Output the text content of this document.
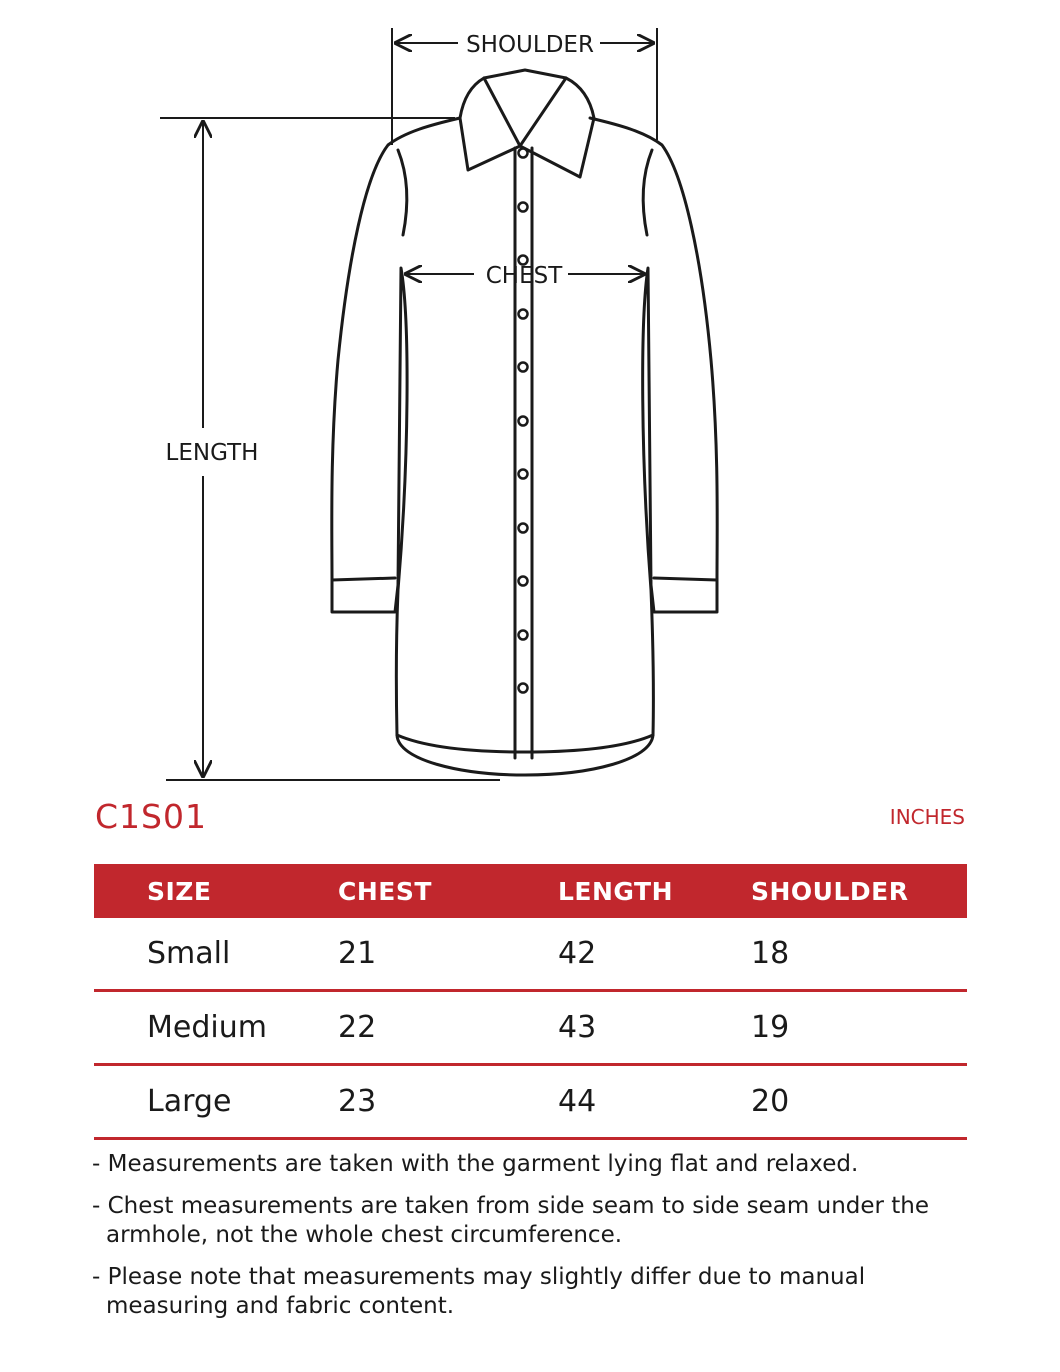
SHOULDER
CHEST
LENGTH
C1S01	INCHES
SIZE	CHEST	LENGTH	SHOULDER
Small	21	42	18
Medium	22	43	19
Large	23	44	20

- Measurements are taken with the garment lying flat and relaxed.

- Chest measurements are taken from side seam to side seam under the armhole, not the whole chest circumference.

- Please note that measurements may slightly differ due to manual measuring and fabric content.
